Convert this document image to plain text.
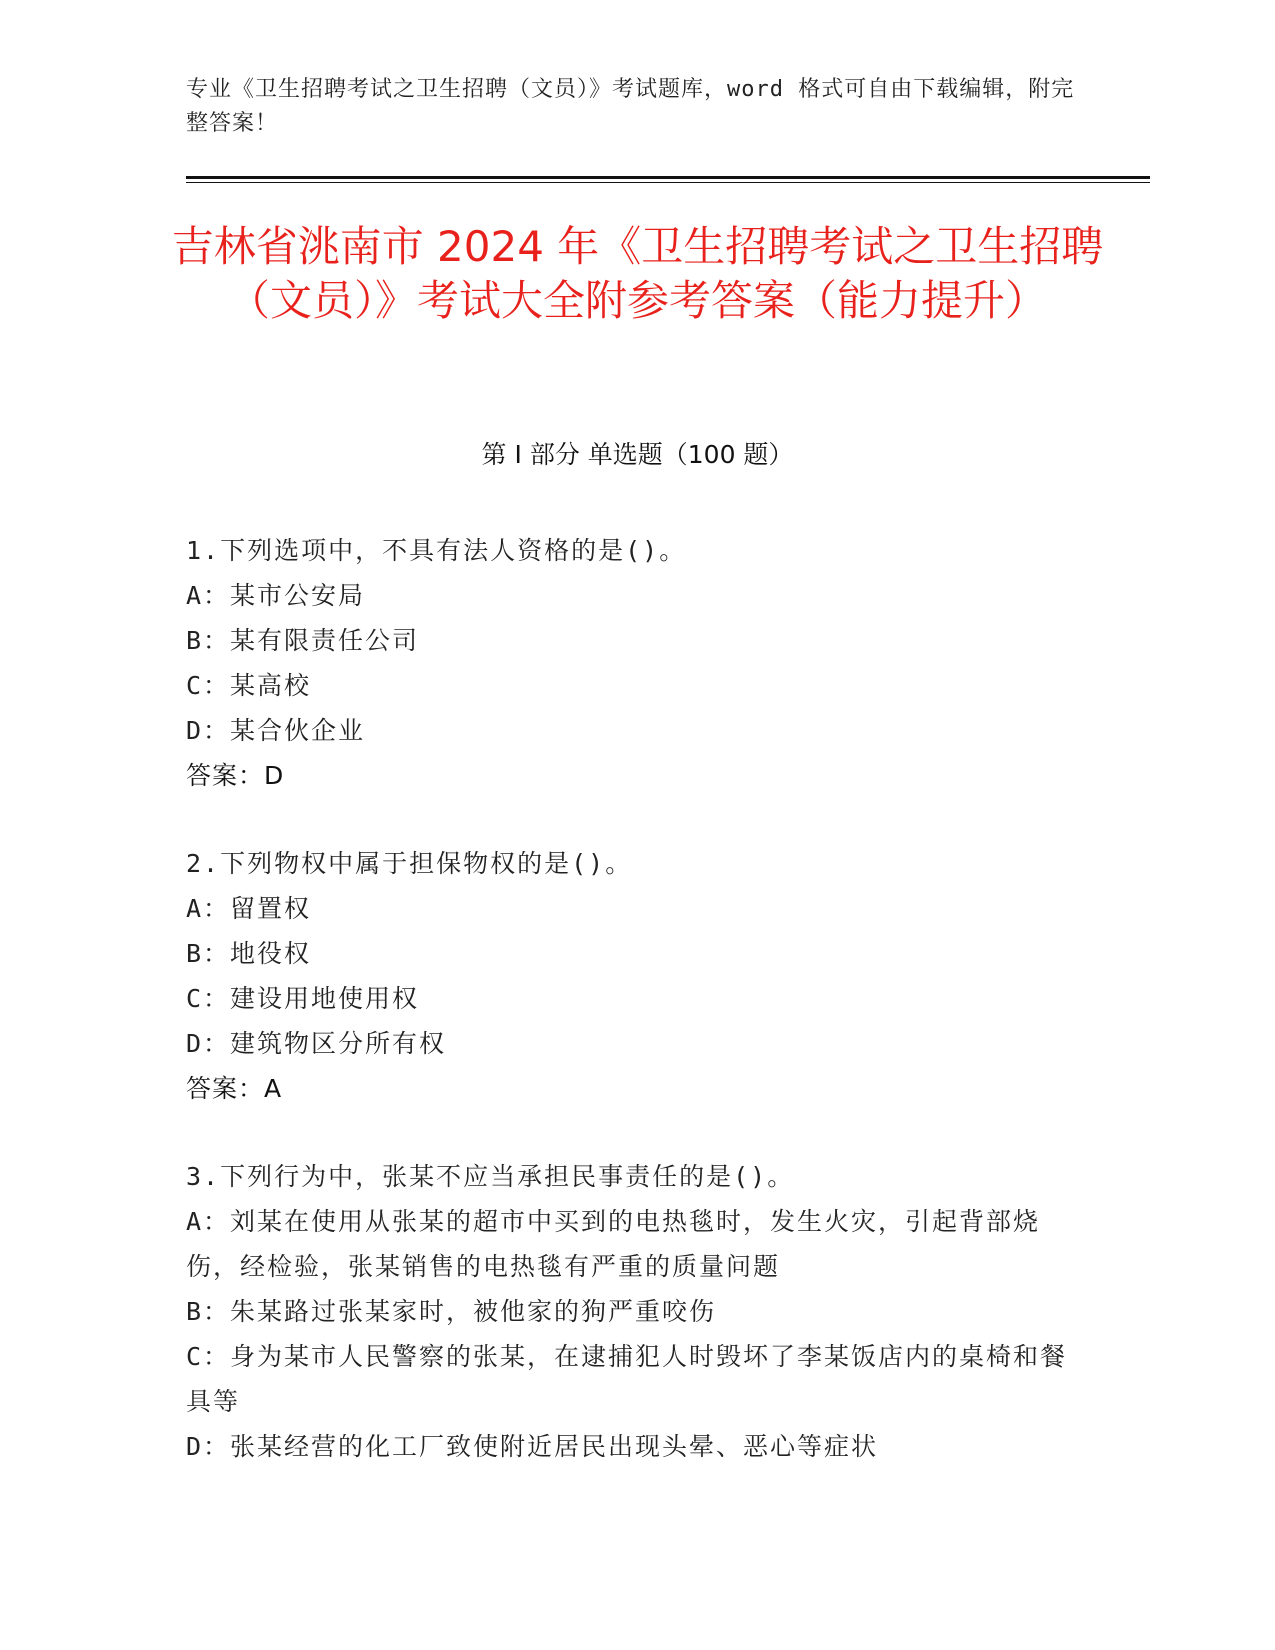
专业《卫生招聘考试之卫生招聘（文员）》考试题库，word 格式可自由下载编辑，附完整答案！
吉林省洮南市 2024 年《卫生招聘考试之卫生招聘（文员）》考试大全附参考答案（能力提升）
第 I 部分 单选题（100 题）

1.下列选项中，不具有法人资格的是()。

A：某市公安局

B：某有限责任公司

C：某高校

D：某合伙企业

答案：D

2.下列物权中属于担保物权的是()。

A：留置权

B：地役权

C：建设用地使用权

D：建筑物区分所有权

答案：A

3.下列行为中，张某不应当承担民事责任的是()。

A：刘某在使用从张某的超市中买到的电热毯时，发生火灾，引起背部烧伤，经检验，张某销售的电热毯有严重的质量问题

B：朱某路过张某家时，被他家的狗严重咬伤

C：身为某市人民警察的张某，在逮捕犯人时毁坏了李某饭店内的桌椅和餐具等

D：张某经营的化工厂致使附近居民出现头晕、恶心等症状
